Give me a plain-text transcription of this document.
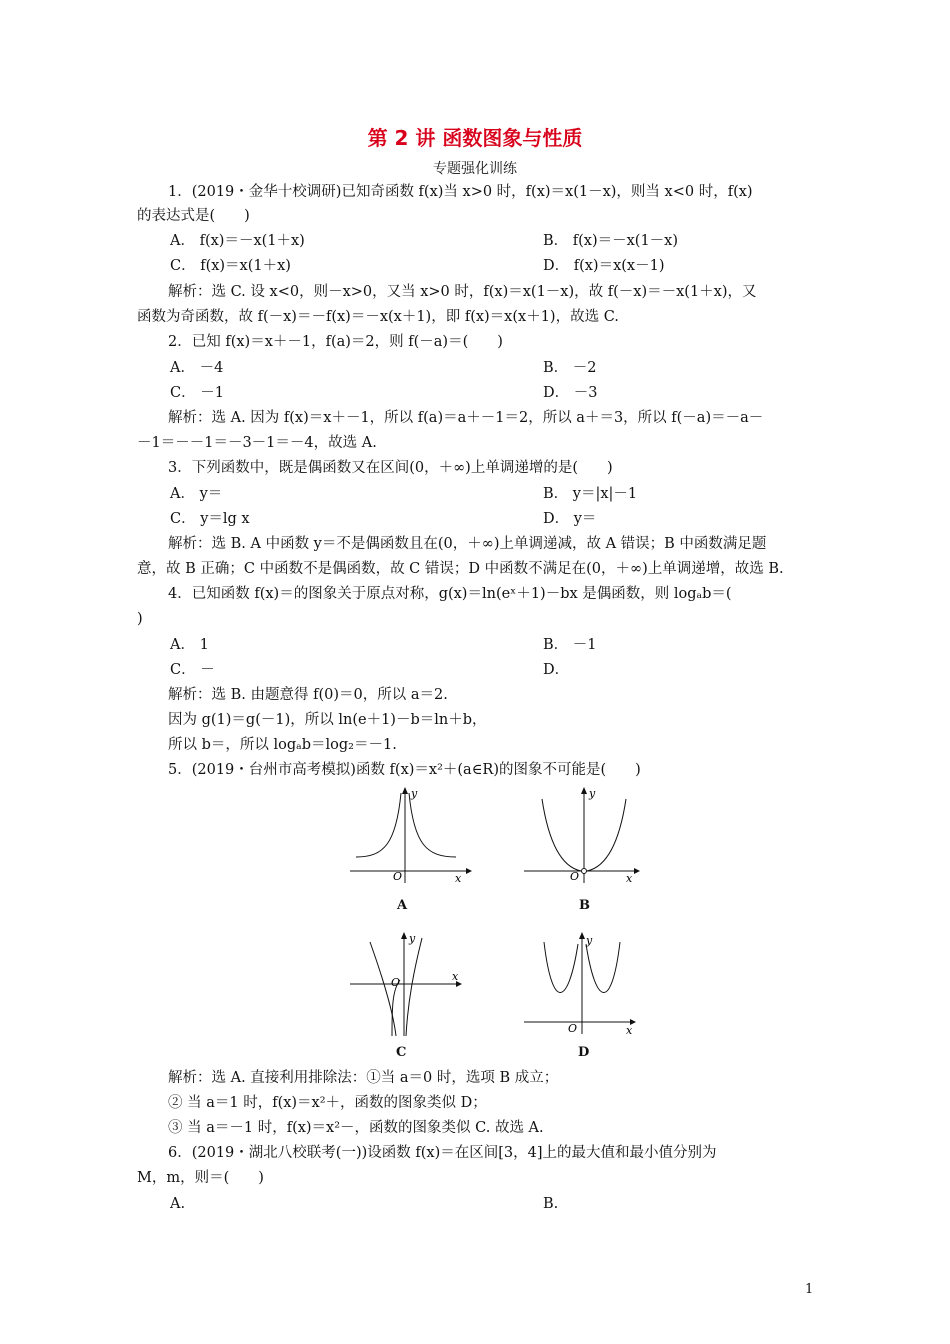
第 2 讲 函数图象与性质
专题强化训练
1．(2019・金华十校调研)已知奇函数 f(x)当 x>0 时，f(x)＝x(1－x)，则当 x<0 时，f(x)
的表达式是(　　)
A． f(x)＝－x(1＋x)	B． f(x)＝－x(1－x)
C． f(x)＝x(1＋x)	D． f(x)＝x(x－1)
解析：选 C. 设 x<0，则－x>0，又当 x>0 时，f(x)＝x(1－x)，故 f(－x)＝－x(1＋x)，又
函数为奇函数，故 f(－x)＝－f(x)＝－x(x＋1)，即 f(x)＝x(x＋1)，故选 C.
2．已知 f(x)＝x＋－1，f(a)＝2，则 f(－a)＝(　　)
A． －4	B． －2
C． －1	D． －3
解析：选 A. 因为 f(x)＝x＋－1，所以 f(a)＝a＋－1＝2，所以 a＋＝3，所以 f(－a)＝－a－
－1＝－－1＝－3－1＝－4，故选 A.
3．下列函数中，既是偶函数又在区间(0，＋∞)上单调递增的是(　　)
A． y＝	B． y＝|x|－1
C． y＝lg x	D． y＝
解析：选 B. A 中函数 y＝不是偶函数且在(0，＋∞)上单调递减，故 A 错误；B 中函数满足题
意，故 B 正确；C 中函数不是偶函数，故 C 错误；D 中函数不满足在(0，＋∞)上单调递增，故选 B.
4．已知函数 f(x)＝的图象关于原点对称，g(x)＝ln(eˣ＋1)－bx 是偶函数，则 logₐb＝(
)
A． 1	B． －1
C． －	D．
解析：选 B. 由题意得 f(0)＝0，所以 a＝2.
因为 g(1)＝g(－1)，所以 ln(e＋1)－b＝ln＋b，
所以 b＝，所以 logₐb＝log₂＝－1.
5．(2019・台州市高考模拟)函数 f(x)＝x²＋(a∈R)的图象不可能是(　　)
O	x
y
A
O	x
y
B
O	x
y
C
O	x
y
D
解析：选 A. 直接利用排除法：①当 a＝0 时，选项 B 成立；
② 当 a＝1 时，f(x)＝x²＋，函数的图象类似 D；
③ 当 a＝－1 时，f(x)＝x²－，函数的图象类似 C. 故选 A.
6．(2019・湖北八校联考(一))设函数 f(x)＝在区间[3，4]上的最大值和最小值分别为
M，m，则＝(　　)
A.	B.
1
